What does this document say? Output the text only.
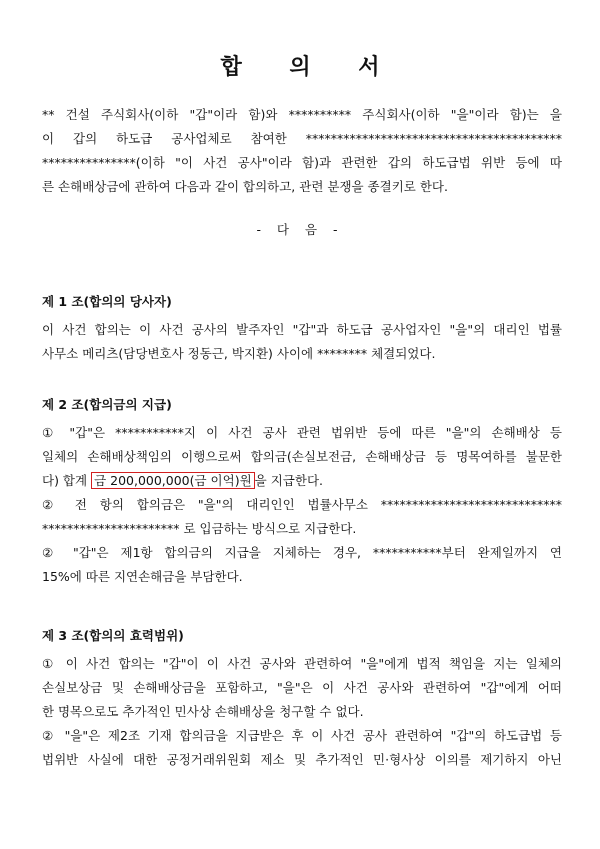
합 의 서
** 건설 주식회사(이하 "갑"이라 함)와 ********** 주식회사(이하 "을"이라 함)는 을
이 갑의 하도급 공사업체로 참여한 *****************************************
***************(이하 "이 사건 공사"이라 함)과 관련한 갑의 하도급법 위반 등에 따
른 손해배상금에 관하여 다음과 같이 합의하고, 관련 분쟁을 종결키로 한다.
- 다 음 -
제 1 조(합의의 당사자)
이 사건 합의는 이 사건 공사의 발주자인 "갑"과 하도급 공사업자인 "을"의 대리인 법률
사무소 메리츠(담당변호사 정동근, 박지환) 사이에 ******** 체결되었다.
제 2 조(합의금의 지급)
① "갑"은 ***********지 이 사건 공사 관련 법위반 등에 따른 "을"의 손해배상 등
일체의 손해배상책임의 이행으로써 합의금(손실보전금, 손해배상금 등 명목여하를 불문한
다) 합계 금 200,000,000(금 이억)원 을 지급한다.
② 전 항의 합의금은 "을"의 대리인인 법률사무소 *****************************
********************** 로 입금하는 방식으로 지급한다.
② "갑"은 제1항 합의금의 지급을 지체하는 경우, ***********부터 완제일까지 연
15%에 따른 지연손해금을 부담한다.
제 3 조(합의의 효력범위)
① 이 사건 합의는 "갑"이 이 사건 공사와 관련하여 "을"에게 법적 책임을 지는 일체의
손실보상금 및 손해배상금을 포함하고, "을"은 이 사건 공사와 관련하여 "갑"에게 어떠
한 명목으로도 추가적인 민사상 손해배상을 청구할 수 없다.
② "을"은 제2조 기재 합의금을 지급받은 후 이 사건 공사 관련하여 "갑"의 하도급법 등
법위반 사실에 대한 공정거래위원회 제소 및 추가적인 민·형사상 이의를 제기하지 아닌
